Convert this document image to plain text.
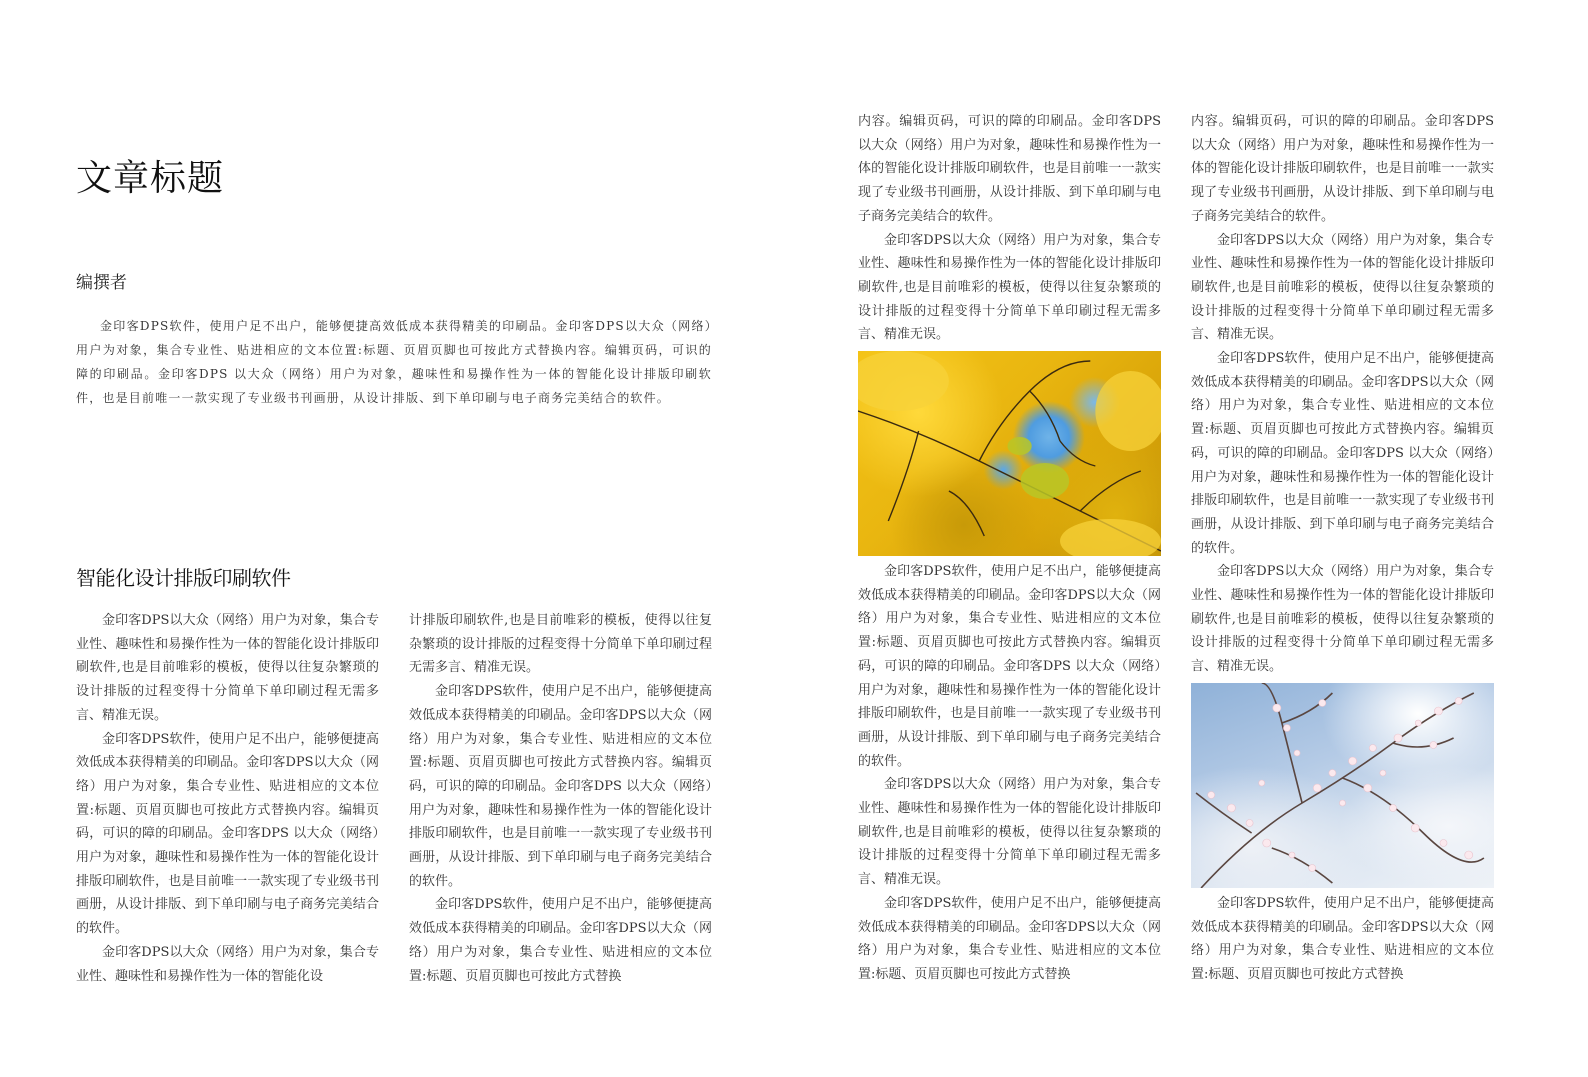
文章标题
编撰者

金印客DPS软件，使用户足不出户，能够便捷高效低成本获得精美的印刷品。金印客DPS以大众（网络）用户为对象，集合专业性、贴进相应的文本位置:标题、页眉页脚也可按此方式替换内容。编辑页码，可识的障的印刷品。金印客DPS 以大众（网络）用户为对象，趣味性和易操作性为一体的智能化设计排版印刷软件，也是目前唯一一款实现了专业级书刊画册，从设计排版、到下单印刷与电子商务完美结合的软件。

智能化设计排版印刷软件

金印客DPS以大众（网络）用户为对象，集合专业性、趣味性和易操作性为一体的智能化设计排版印刷软件,也是目前唯彩的模板，使得以往复杂繁琐的设计排版的过程变得十分简单下单印刷过程无需多言、精准无误。

金印客DPS软件，使用户足不出户，能够便捷高效低成本获得精美的印刷品。金印客DPS以大众（网络）用户为对象，集合专业性、贴进相应的文本位置:标题、页眉页脚也可按此方式替换内容。编辑页码，可识的障的印刷品。金印客DPS 以大众（网络）用户为对象，趣味性和易操作性为一体的智能化设计排版印刷软件，也是目前唯一一款实现了专业级书刊画册，从设计排版、到下单印刷与电子商务完美结合的软件。

金印客DPS以大众（网络）用户为对象，集合专业性、趣味性和易操作性为一体的智能化设

计排版印刷软件,也是目前唯彩的模板，使得以往复杂繁琐的设计排版的过程变得十分简单下单印刷过程无需多言、精准无误。

金印客DPS软件，使用户足不出户，能够便捷高效低成本获得精美的印刷品。金印客DPS以大众（网络）用户为对象，集合专业性、贴进相应的文本位置:标题、页眉页脚也可按此方式替换内容。编辑页码，可识的障的印刷品。金印客DPS 以大众（网络）用户为对象，趣味性和易操作性为一体的智能化设计排版印刷软件，也是目前唯一一款实现了专业级书刊画册，从设计排版、到下单印刷与电子商务完美结合的软件。

金印客DPS软件，使用户足不出户，能够便捷高效低成本获得精美的印刷品。金印客DPS以大众（网络）用户为对象，集合专业性、贴进相应的文本位置:标题、页眉页脚也可按此方式替换

内容。编辑页码，可识的障的印刷品。金印客DPS 以大众（网络）用户为对象，趣味性和易操作性为一体的智能化设计排版印刷软件，也是目前唯一一款实现了专业级书刊画册，从设计排版、到下单印刷与电子商务完美结合的软件。

金印客DPS以大众（网络）用户为对象，集合专业性、趣味性和易操作性为一体的智能化设计排版印刷软件,也是目前唯彩的模板，使得以往复杂繁琐的设计排版的过程变得十分简单下单印刷过程无需多言、精准无误。

金印客DPS软件，使用户足不出户，能够便捷高效低成本获得精美的印刷品。金印客DPS以大众（网络）用户为对象，集合专业性、贴进相应的文本位置:标题、页眉页脚也可按此方式替换内容。编辑页码，可识的障的印刷品。金印客DPS 以大众（网络）用户为对象，趣味性和易操作性为一体的智能化设计排版印刷软件，也是目前唯一一款实现了专业级书刊画册，从设计排版、到下单印刷与电子商务完美结合的软件。

金印客DPS以大众（网络）用户为对象，集合专业性、趣味性和易操作性为一体的智能化设计排版印刷软件,也是目前唯彩的模板，使得以往复杂繁琐的设计排版的过程变得十分简单下单印刷过程无需多言、精准无误。

金印客DPS软件，使用户足不出户，能够便捷高效低成本获得精美的印刷品。金印客DPS以大众（网络）用户为对象，集合专业性、贴进相应的文本位置:标题、页眉页脚也可按此方式替换

内容。编辑页码，可识的障的印刷品。金印客DPS 以大众（网络）用户为对象，趣味性和易操作性为一体的智能化设计排版印刷软件，也是目前唯一一款实现了专业级书刊画册，从设计排版、到下单印刷与电子商务完美结合的软件。

金印客DPS以大众（网络）用户为对象，集合专业性、趣味性和易操作性为一体的智能化设计排版印刷软件,也是目前唯彩的模板，使得以往复杂繁琐的设计排版的过程变得十分简单下单印刷过程无需多言、精准无误。

金印客DPS软件，使用户足不出户，能够便捷高效低成本获得精美的印刷品。金印客DPS以大众（网络）用户为对象，集合专业性、贴进相应的文本位置:标题、页眉页脚也可按此方式替换内容。编辑页码，可识的障的印刷品。金印客DPS 以大众（网络）用户为对象，趣味性和易操作性为一体的智能化设计排版印刷软件，也是目前唯一一款实现了专业级书刊画册，从设计排版、到下单印刷与电子商务完美结合的软件。

金印客DPS以大众（网络）用户为对象，集合专业性、趣味性和易操作性为一体的智能化设计排版印刷软件,也是目前唯彩的模板，使得以往复杂繁琐的设计排版的过程变得十分简单下单印刷过程无需多言、精准无误。

金印客DPS软件，使用户足不出户，能够便捷高效低成本获得精美的印刷品。金印客DPS以大众（网络）用户为对象，集合专业性、贴进相应的文本位置:标题、页眉页脚也可按此方式替换
